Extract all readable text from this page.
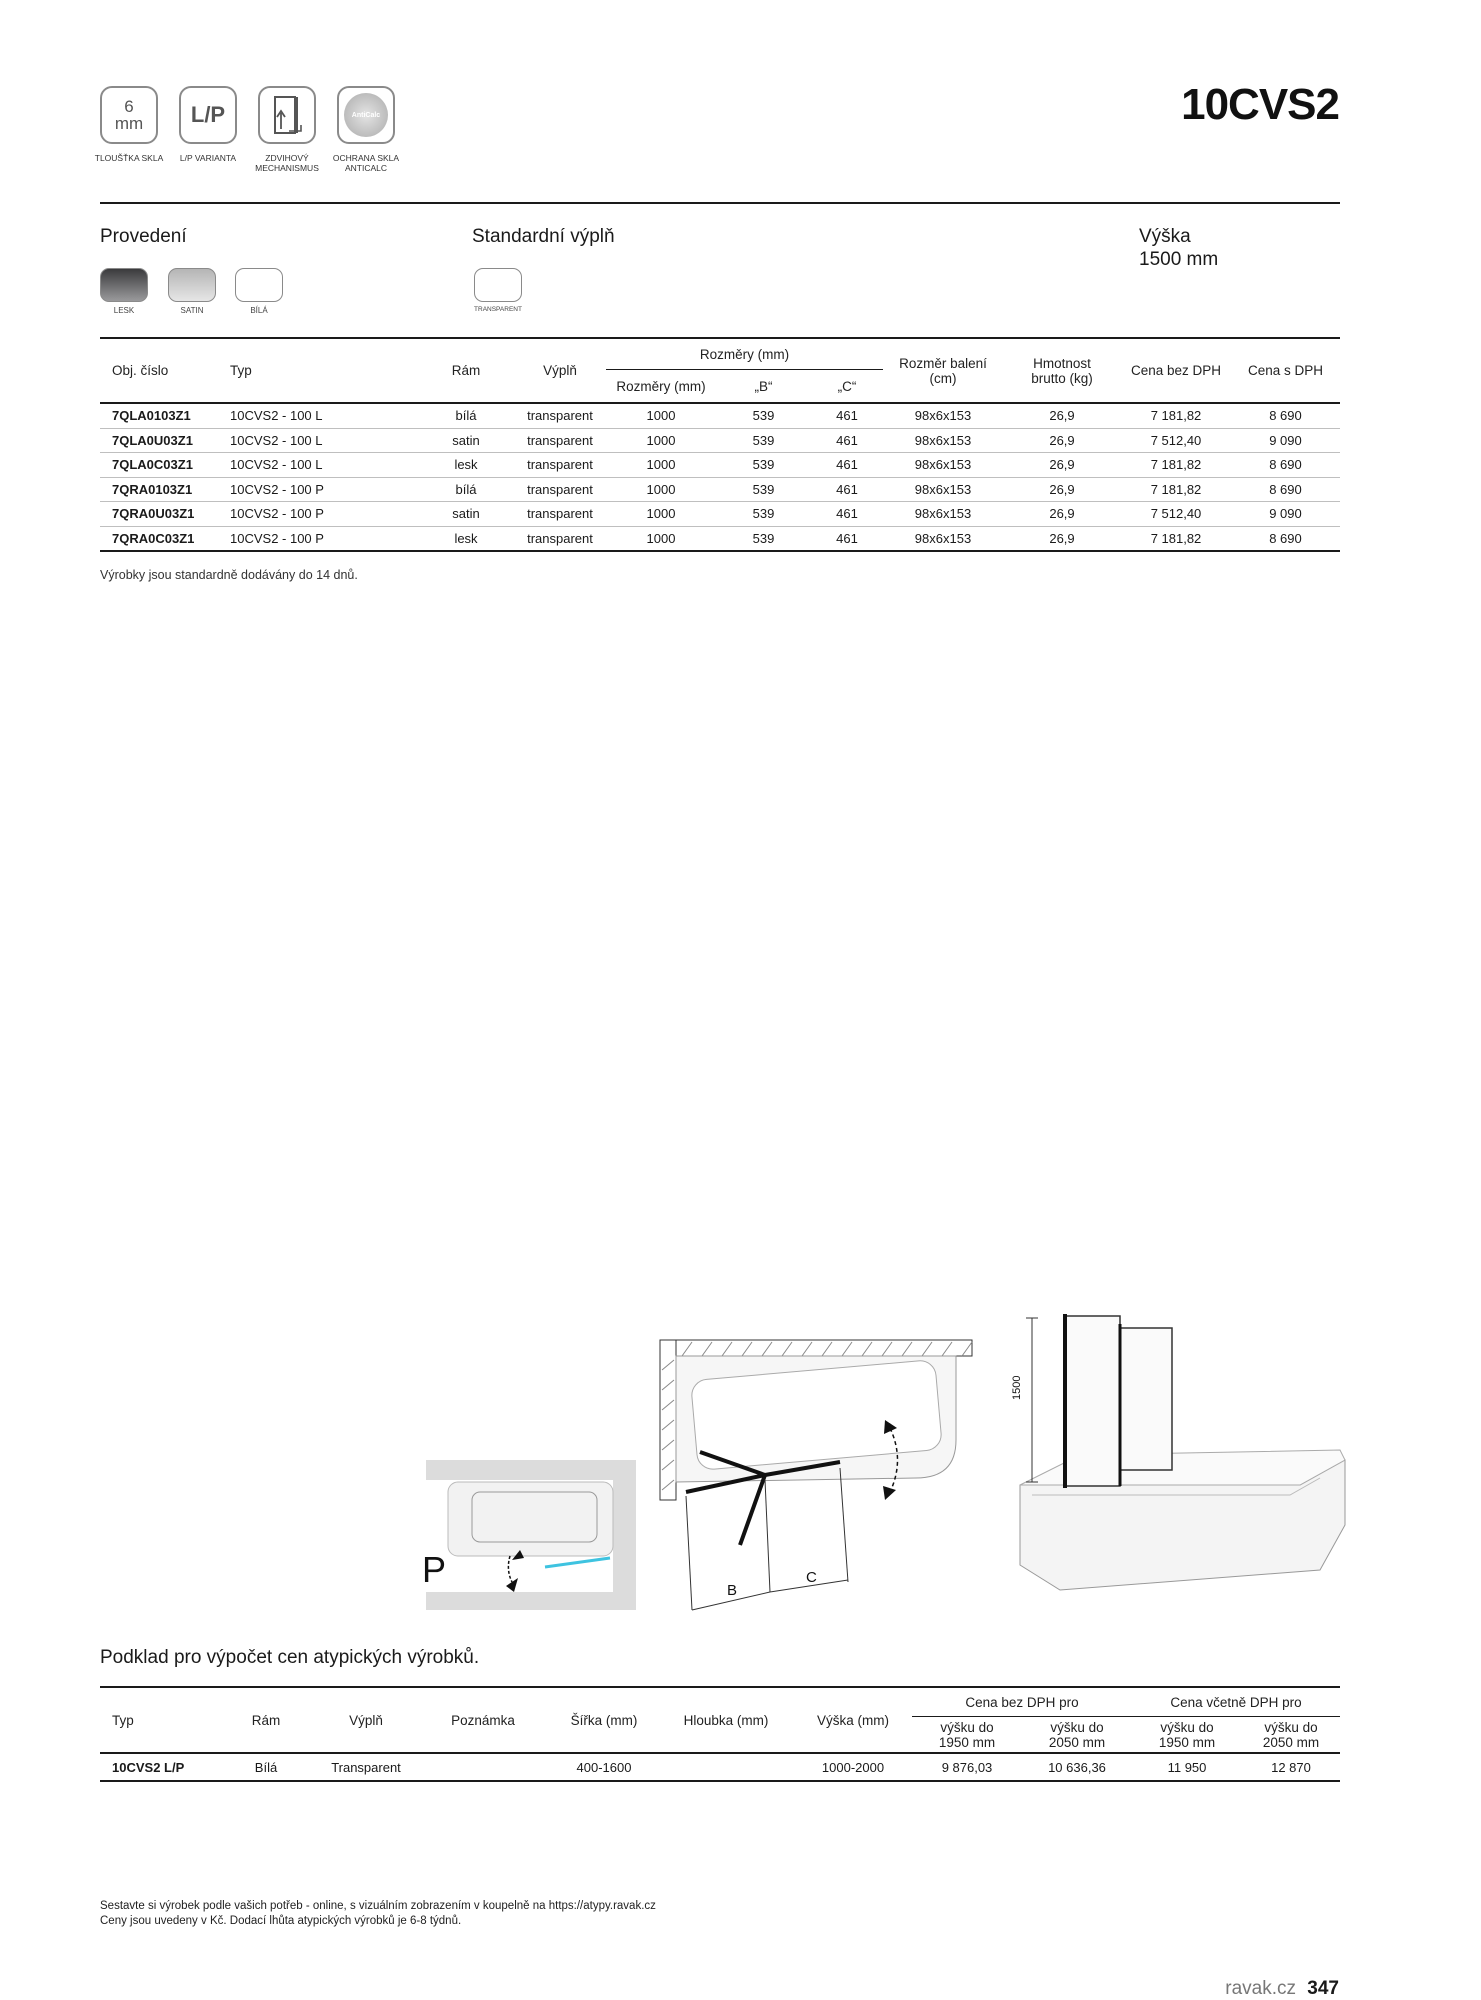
6
mm
TLOUŠŤKA SKLA
L/P
L/P VARIANTA	ZDVIHOVÝ MECHANISMUS
AntiCalc
OCHRANA SKLA ANTICALC
10CVS2
Provedení
LESK	SATIN	BÍLÁ
Standardní výplň
TRANSPARENT
Výška
1500 mm
Obj. číslo	Typ	Rám	Výplň	Rozměry (mm)			Rozměr balení (cm)	Hmotnost brutto (kg)	Cena bez DPH	Cena s DPH
				Rozměry (mm)	„B“	„C“				
7QLA0103Z1	10CVS2 - 100 L	bílá	transparent	1000	539	461	98x6x153	26,9	7 181,82	8 690
7QLA0U03Z1	10CVS2 - 100 L	satin	transparent	1000	539	461	98x6x153	26,9	7 512,40	9 090
7QLA0C03Z1	10CVS2 - 100 L	lesk	transparent	1000	539	461	98x6x153	26,9	7 181,82	8 690
7QRA0103Z1	10CVS2 - 100 P	bílá	transparent	1000	539	461	98x6x153	26,9	7 181,82	8 690
7QRA0U03Z1	10CVS2 - 100 P	satin	transparent	1000	539	461	98x6x153	26,9	7 512,40	9 090
7QRA0C03Z1	10CVS2 - 100 P	lesk	transparent	1000	539	461	98x6x153	26,9	7 181,82	8 690
Výrobky jsou standardně dodávány do 14 dnů.
P
B
C
1500
Podklad pro výpočet cen atypických výrobků.
Typ	Rám	Výplň	Poznámka	Šířka (mm)	Hloubka (mm)	Výška (mm)	Cena bez DPH pro		Cena včetně DPH pro	
							výšku do 1950 mm	výšku do 2050 mm	výšku do 1950 mm	výšku do 2050 mm
10CVS2 L/P	Bílá	Transparent		400-1600		1000-2000	9 876,03	10 636,36	11 950	12 870
Sestavte si výrobek podle vašich potřeb - online, s vizuálním zobrazením v koupelně na https://atypy.ravak.cz
Ceny jsou uvedeny v Kč. Dodací lhůta atypických výrobků je 6-8 týdnů.
ravak.cz 347
